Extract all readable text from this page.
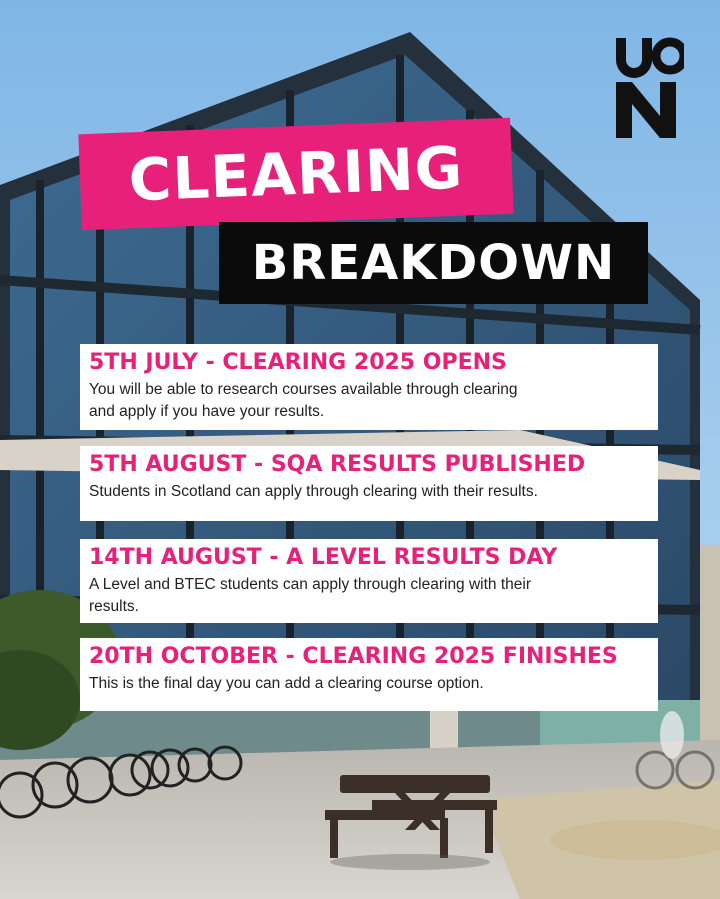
CLEARING
BREAKDOWN
5TH JULY - CLEARING 2025 OPENS
You will be able to research courses available through clearing
and apply if you have your results.
5TH AUGUST - SQA RESULTS PUBLISHED
Students in Scotland can apply through clearing with their results.
14TH AUGUST - A LEVEL RESULTS DAY
A Level and BTEC students can apply through clearing with their
results.
20TH OCTOBER - CLEARING 2025 FINISHES
This is the final day you can add a clearing course option.
